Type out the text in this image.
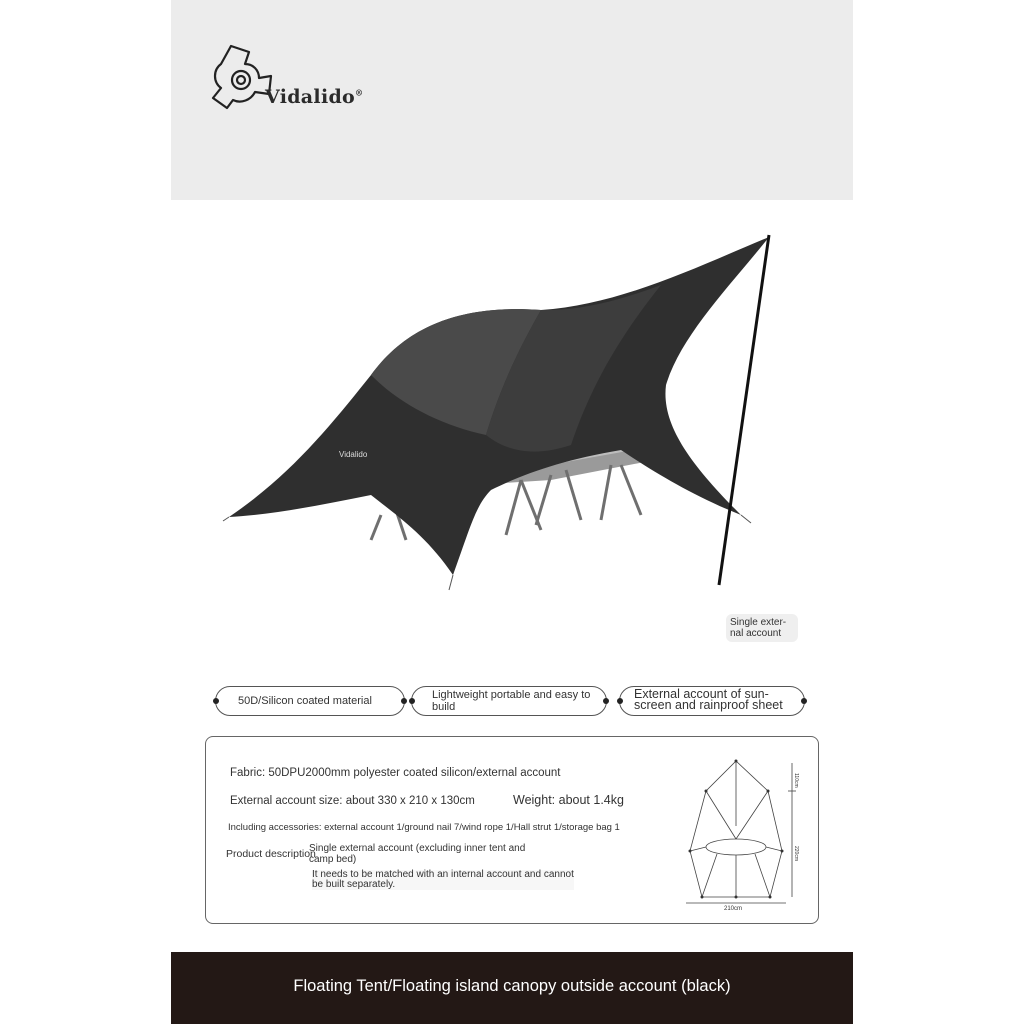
Vidalido®
Vidalido
Single exter-
nal account
50D/Silicon coated material	Lightweight portable and easy to build
External account of sun-screen and rainproof sheet
Fabric: 50DPU2000mm polyester coated silicon/external account
External account size: about 330 x 210 x 130cm	Weight: about 1.4kg
Including accessories: external account 1/ground nail 7/wind rope 1/Hall strut 1/storage bag 1
Product description
Single external account (excluding inner tent and camp bed)
It needs to be matched with an internal account and cannot be built separately.
210cm
220cm
110cm
Floating Tent/Floating island canopy outside account (black)
